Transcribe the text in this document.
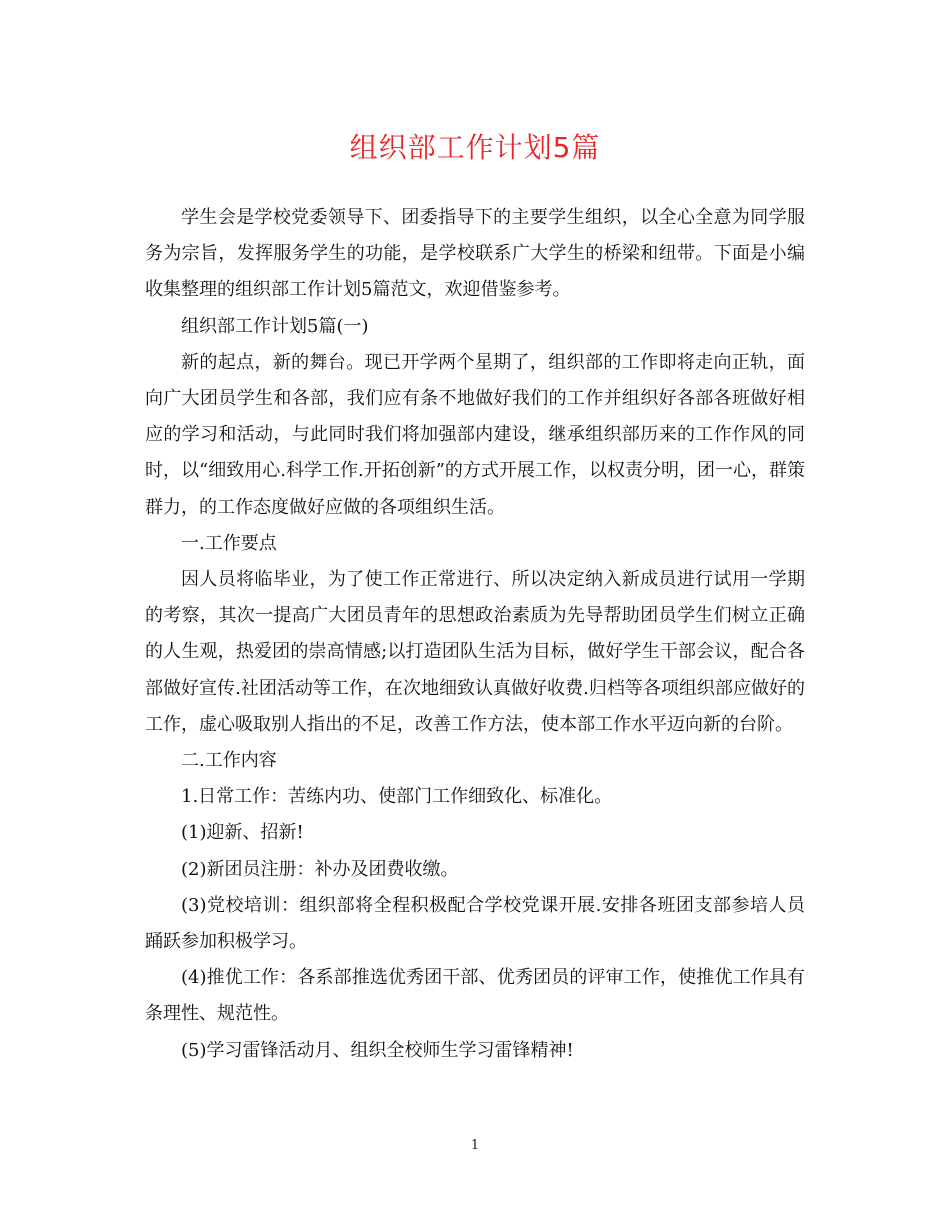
组织部工作计划5篇

学生会是学校党委领导下、团委指导下的主要学生组织，以全心全意为同学服务为宗旨，发挥服务学生的功能，是学校联系广大学生的桥梁和纽带。下面是小编收集整理的组织部工作计划5篇范文，欢迎借鉴参考。

组织部工作计划5篇(一)

新的起点，新的舞台。现已开学两个星期了，组织部的工作即将走向正轨，面向广大团员学生和各部，我们应有条不地做好我们的工作并组织好各部各班做好相应的学习和活动，与此同时我们将加强部内建设，继承组织部历来的工作作风的同时，以“细致用心.科学工作.开拓创新”的方式开展工作，以权责分明，团一心，群策群力，的工作态度做好应做的各项组织生活。

一.工作要点

因人员将临毕业，为了使工作正常进行、所以决定纳入新成员进行试用一学期的考察，其次一提高广大团员青年的思想政治素质为先导帮助团员学生们树立正确的人生观，热爱团的崇高情感;以打造团队生活为目标，做好学生干部会议，配合各部做好宣传.社团活动等工作，在次地细致认真做好收费.归档等各项组织部应做好的工作，虚心吸取别人指出的不足，改善工作方法，使本部工作水平迈向新的台阶。

二.工作内容

1.日常工作：苦练内功、使部门工作细致化、标准化。

(1)迎新、招新!

(2)新团员注册：补办及团费收缴。

(3)党校培训：组织部将全程积极配合学校党课开展.安排各班团支部参培人员踊跃参加积极学习。

(4)推优工作：各系部推选优秀团干部、优秀团员的评审工作，使推优工作具有条理性、规范性。

(5)学习雷锋活动月、组织全校师生学习雷锋精神!

1
